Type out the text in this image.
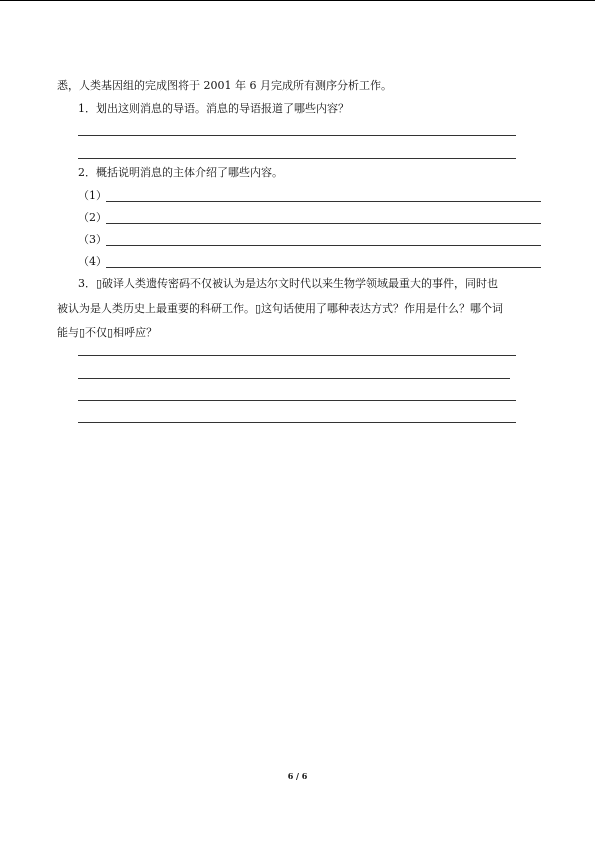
悉，人类基因组的完成图将于 2001 年 6 月完成所有测序分析工作。
1．划出这则消息的导语。消息的导语报道了哪些内容？
2．概括说明消息的主体介绍了哪些内容。
（1）
（2）
（3）
（4）
3．▯破译人类遗传密码不仅被认为是达尔文时代以来生物学领域最重大的事件，同时也
被认为是人类历史上最重要的科研工作。▯这句话使用了哪种表达方式？作用是什么？哪个词
能与▯不仅▯相呼应？
6 / 6
